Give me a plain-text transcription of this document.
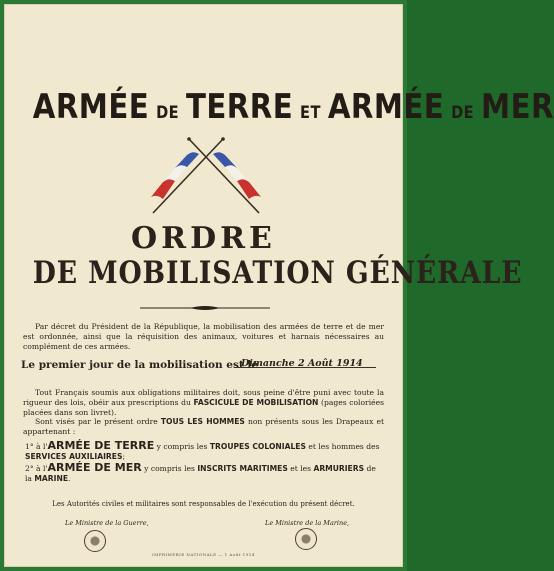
ARMÉE DE TERRE ET ARMÉE DE MER
ORDRE
DE MOBILISATION GÉNÉRALE

Par décret du Président de la République, la mobilisation des armées de terre et de mer est ordonnée, ainsi que la réquisition des animaux, voitures et harnais nécessaires au complément de ces armées.

Le premier jour de la mobilisation est le
Dimanche 2 Août 1914

Tout Français soumis aux obligations militaires doit, sous peine d'être puni avec toute la rigueur des lois, obéir aux prescriptions du FASCICULE DE MOBILISATION (pages coloriées placées dans son livret).

Sont visés par le présent ordre TOUS LES HOMMES non présents sous les Drapeaux et appartenant :

1° à l'ARMÉE DE TERRE y compris les TROUPES COLONIALES et les hommes des SERVICES AUXILIAIRES;

2° à l'ARMÉE DE MER y compris les INSCRITS MARITIMES et les ARMURIERS de la MARINE.

Les Autorités civiles et militaires sont responsables de l'exécution du présent décret.
Le Ministre de la Guerre,	Le Ministre de la Marine,
IMPRIMERIE NATIONALE — 1 Août 1914
